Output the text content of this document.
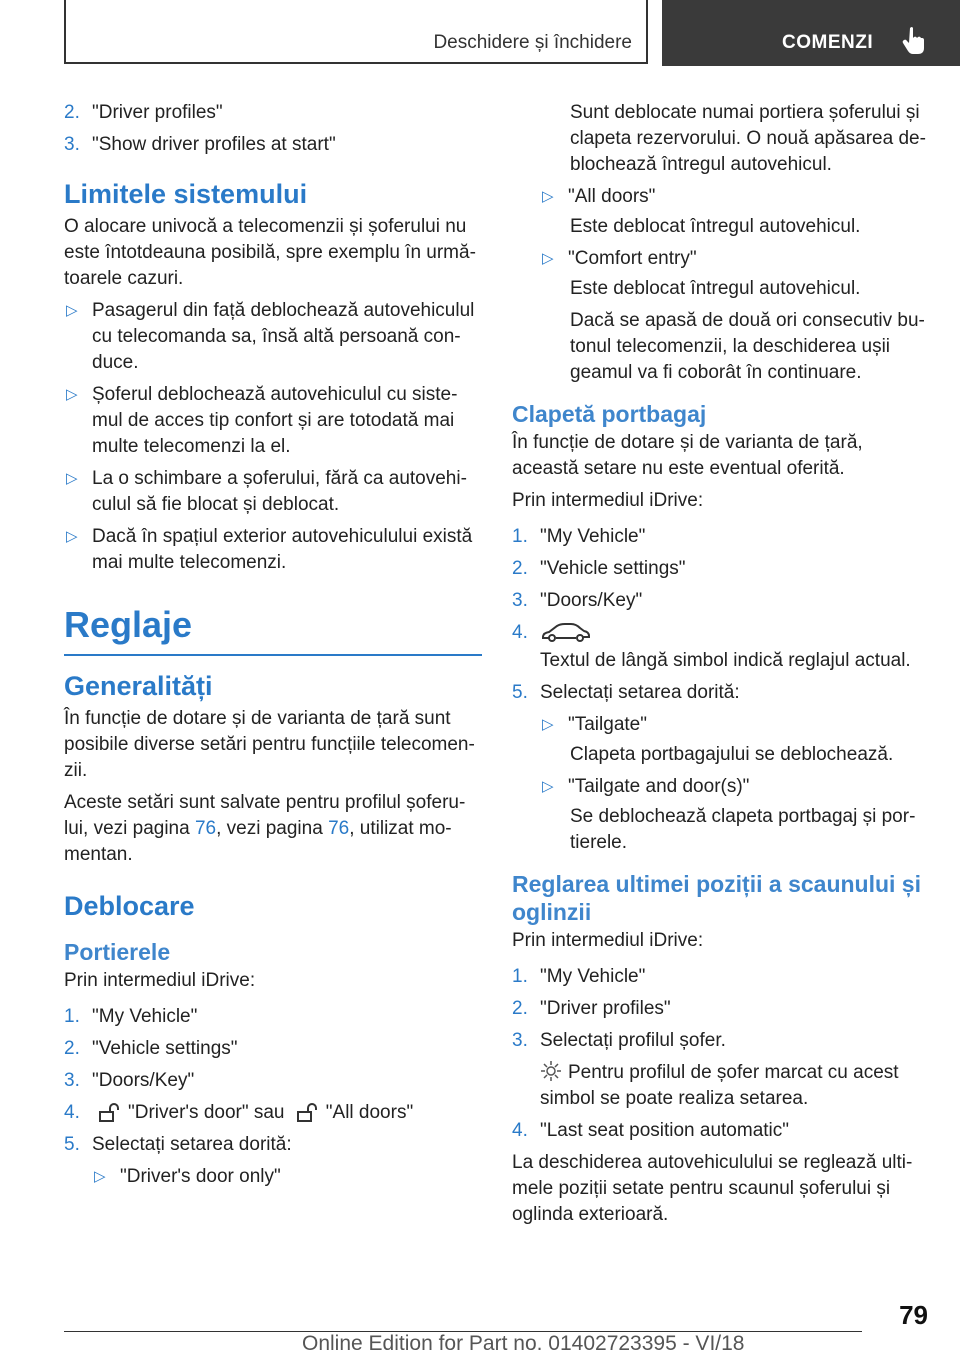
Deschidere și închidere	COMENZI
2. "Driver profiles"
3. "Show driver profiles at start"
Limitele sistemului
O alocare univocă a telecomenzii și șoferului nu este întotdeauna posibilă, spre exemplu în urmă-toarele cazuri.
▷ Pasagerul din față deblochează autovehiculul cu telecomanda sa, însă altă persoană con-duce.
▷ Șoferul deblochează autovehiculul cu siste-mul de acces tip confort și are totodată mai multe telecomenzi la el.
▷ La o schimbare a șoferului, fără ca autovehi-culul să fie blocat și deblocat.
▷ Dacă în spațiul exterior autovehiculului există mai multe telecomenzi.
Reglaje
Generalități
În funcție de dotare și de varianta de țară sunt posibile diverse setări pentru funcțiile telecomen-zii.
Aceste setări sunt salvate pentru profilul șoferu-lui, vezi pagina 76, vezi pagina 76, utilizat mo-mentan.
Deblocare
Portierele
Prin intermediul iDrive:
1. "My Vehicle"
2. "Vehicle settings"
3. "Doors/Key"
4.	"Driver's door" sau "All doors"
5. Selectați setarea dorită:
▷ "Driver's door only"
Sunt deblocate numai portiera șoferului și clapeta rezervorului. O nouă apăsarea de-blochează întregul autovehicul.
▷ "All doors"
Este deblocat întregul autovehicul.
▷ "Comfort entry"
Este deblocat întregul autovehicul.
Dacă se apasă de două ori consecutiv bu-tonul telecomenzii, la deschiderea ușii geamul va fi coborât în continuare.
Clapetă portbagaj
În funcție de dotare și de varianta de țară, această setare nu este eventual oferită.
Prin intermediul iDrive:
1. "My Vehicle"
2. "Vehicle settings"
3. "Doors/Key"
4.
Textul de lângă simbol indică reglajul actual.
5. Selectați setarea dorită:
▷ "Tailgate"
Clapeta portbagajului se deblochează.
▷ "Tailgate and door(s)"
Se deblochează clapeta portbagaj și por-tierele.
Reglarea ultimei poziții a scaunului și oglinzii
Prin intermediul iDrive:
1. "My Vehicle"
2. "Driver profiles"
3. Selectați profilul șofer.
Pentru profilul de șofer marcat cu acest simbol se poate realiza setarea.
4. "Last seat position automatic"
La deschiderea autovehiculului se reglează ulti-mele poziții setate pentru scaunul șoferului și oglinda exterioară.
79
Online Edition for Part no. 01402723395 - VI/18
